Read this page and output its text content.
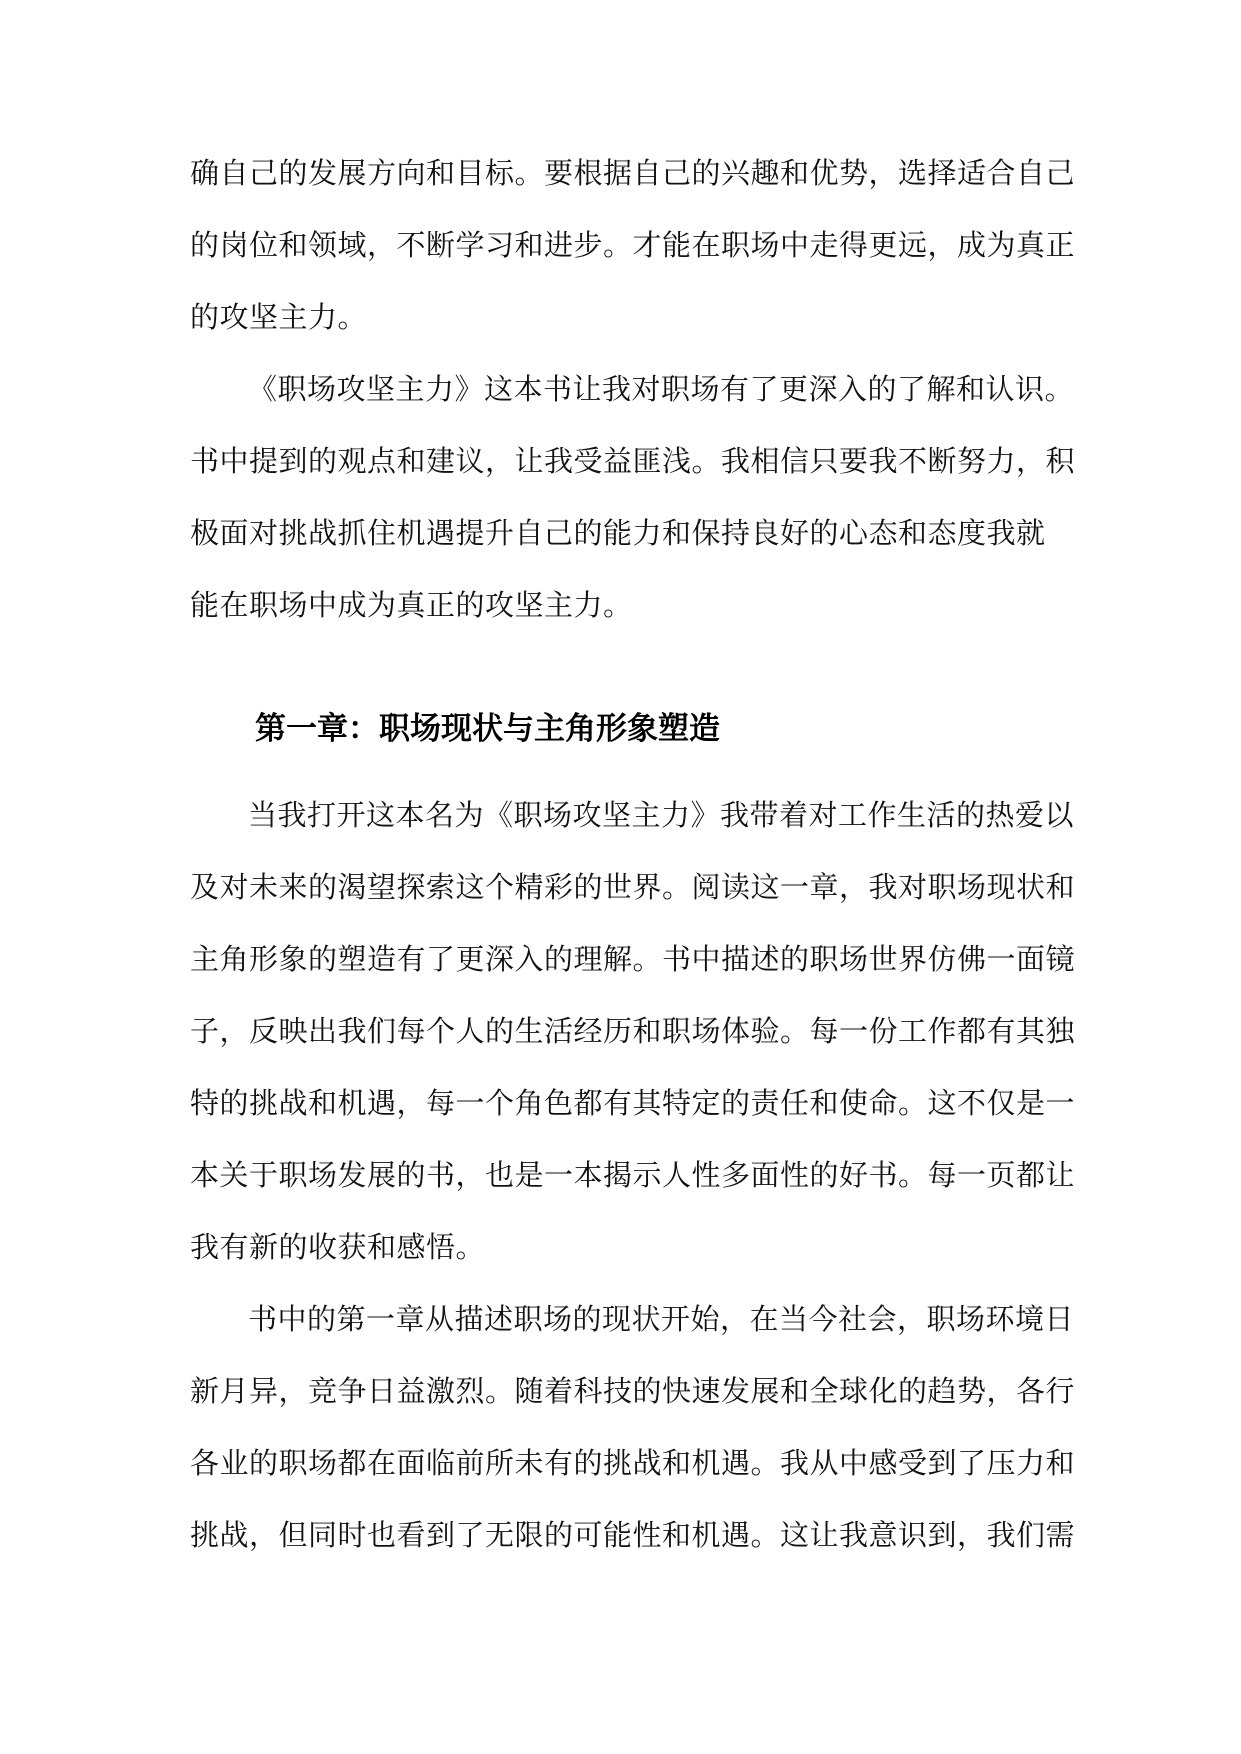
确自己的发展方向和目标。要根据自己的兴趣和优势，选择适合自己
的岗位和领域，不断学习和进步。才能在职场中走得更远，成为真正
的攻坚主力。
《职场攻坚主力》这本书让我对职场有了更深入的了解和认识。
书中提到的观点和建议，让我受益匪浅。我相信只要我不断努力，积
极面对挑战抓住机遇提升自己的能力和保持良好的心态和态度我就
能在职场中成为真正的攻坚主力。
第一章：职场现状与主角形象塑造
当我打开这本名为《职场攻坚主力》我带着对工作生活的热爱以
及对未来的渴望探索这个精彩的世界。阅读这一章，我对职场现状和
主角形象的塑造有了更深入的理解。书中描述的职场世界仿佛一面镜
子，反映出我们每个人的生活经历和职场体验。每一份工作都有其独
特的挑战和机遇，每一个角色都有其特定的责任和使命。这不仅是一
本关于职场发展的书，也是一本揭示人性多面性的好书。每一页都让
我有新的收获和感悟。
书中的第一章从描述职场的现状开始，在当今社会，职场环境日
新月异，竞争日益激烈。随着科技的快速发展和全球化的趋势，各行
各业的职场都在面临前所未有的挑战和机遇。我从中感受到了压力和
挑战，但同时也看到了无限的可能性和机遇。这让我意识到，我们需
